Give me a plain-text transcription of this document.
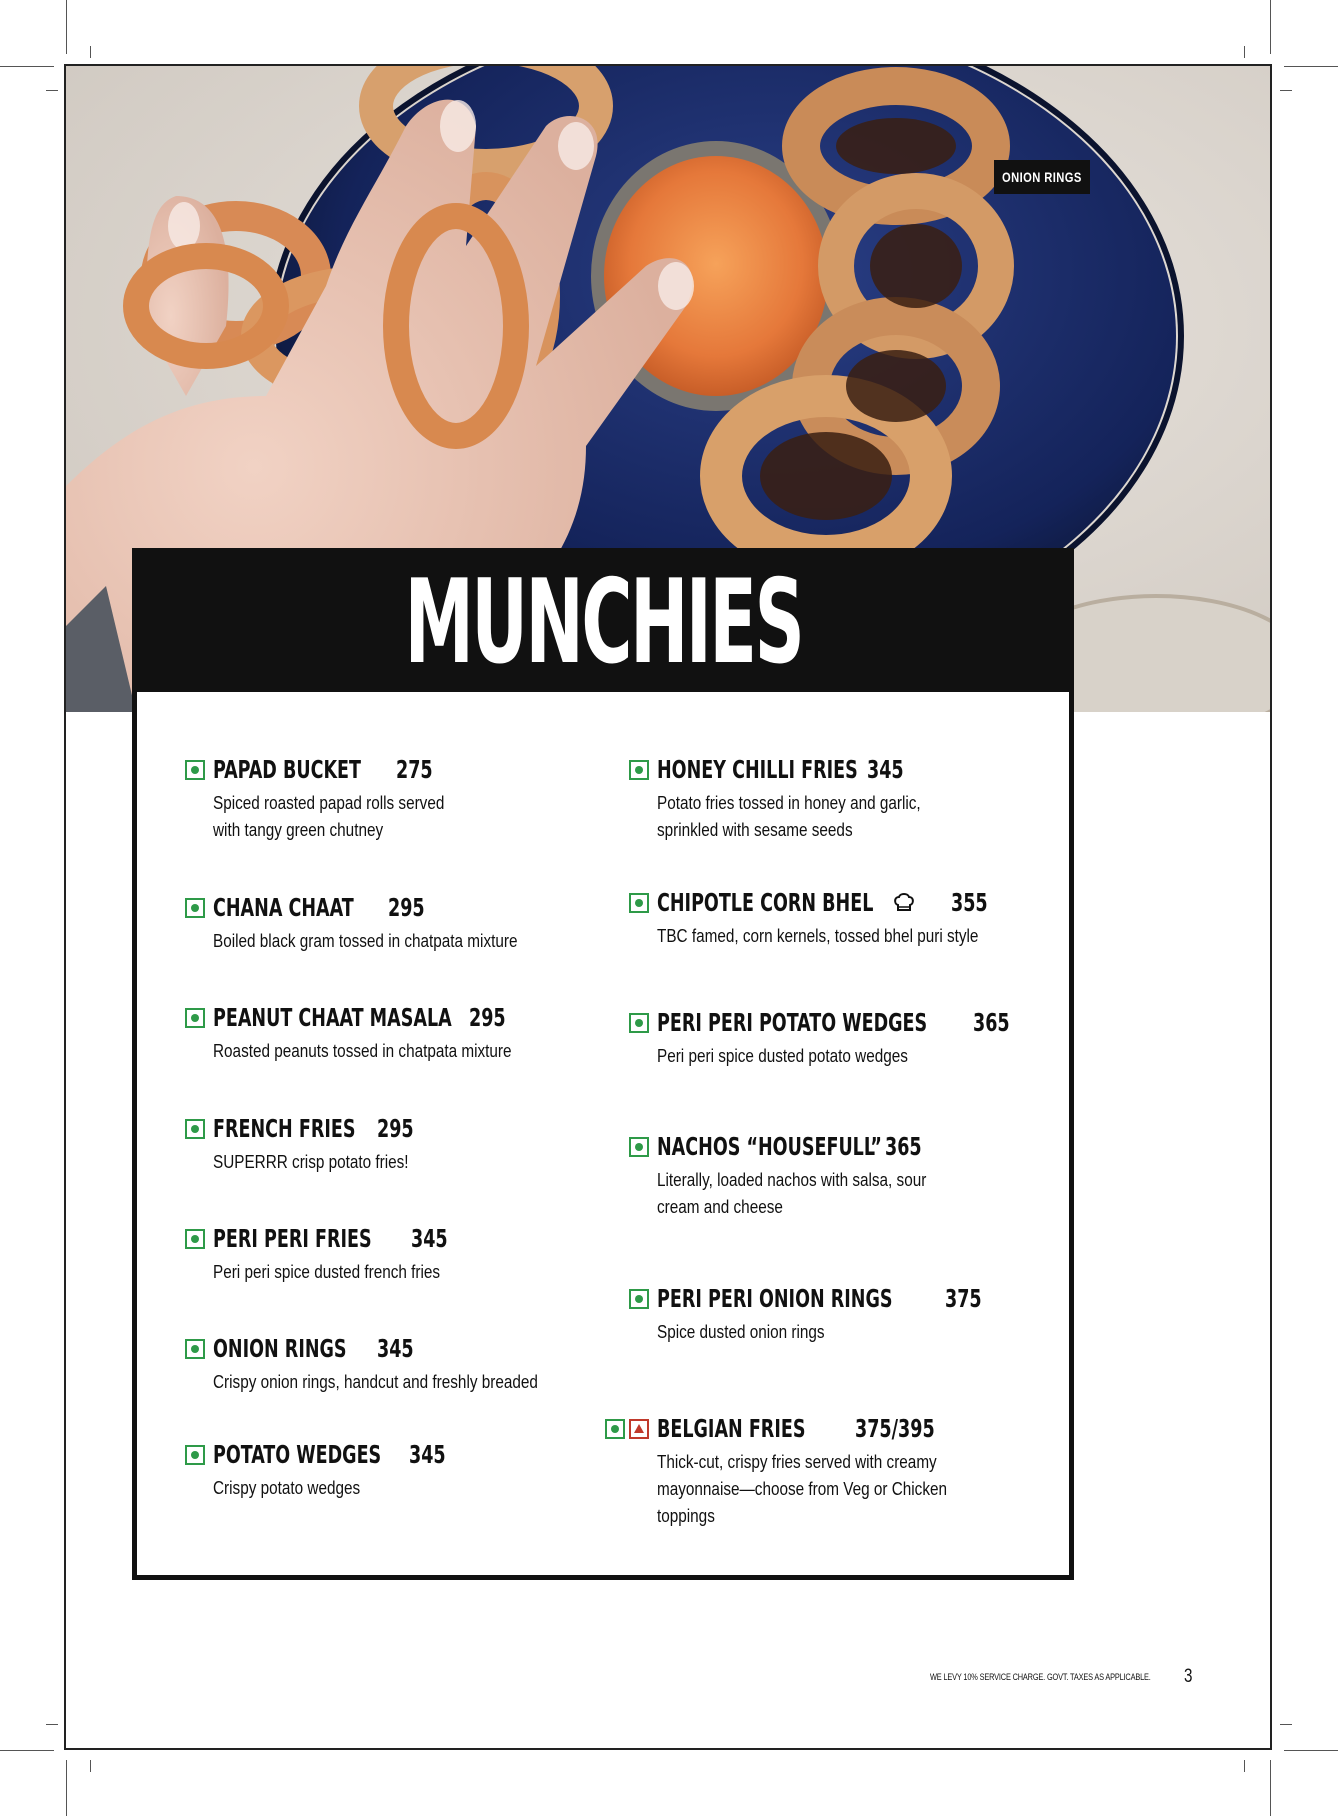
ONION RINGS
MUNCHIES
PAPAD BUCKET 275
Spiced roasted papad rolls served with tangy green chutney
CHANA CHAAT 295
Boiled black gram tossed in chatpata mixture
PEANUT CHAAT MASALA 295
Roasted peanuts tossed in chatpata mixture
FRENCH FRIES 295
SUPERRR crisp potato fries!
PERI PERI FRIES 345
Peri peri spice dusted french fries
ONION RINGS 345
Crispy onion rings, handcut and freshly breaded
POTATO WEDGES 345
Crispy potato wedges
HONEY CHILLI FRIES 345
Potato fries tossed in honey and garlic, sprinkled with sesame seeds
CHIPOTLE CORN BHEL	355
TBC famed, corn kernels, tossed bhel puri style
PERI PERI POTATO WEDGES 365
Peri peri spice dusted potato wedges
NACHOS “HOUSEFULL” 365
Literally, loaded nachos with salsa, sour cream and cheese
PERI PERI ONION RINGS 375
Spice dusted onion rings
BELGIAN FRIES 375/395
Thick-cut, crispy fries served with creamy mayonnaise—choose from Veg or Chicken toppings
WE LEVY 10% SERVICE CHARGE. GOVT. TAXES AS APPLICABLE. 3
